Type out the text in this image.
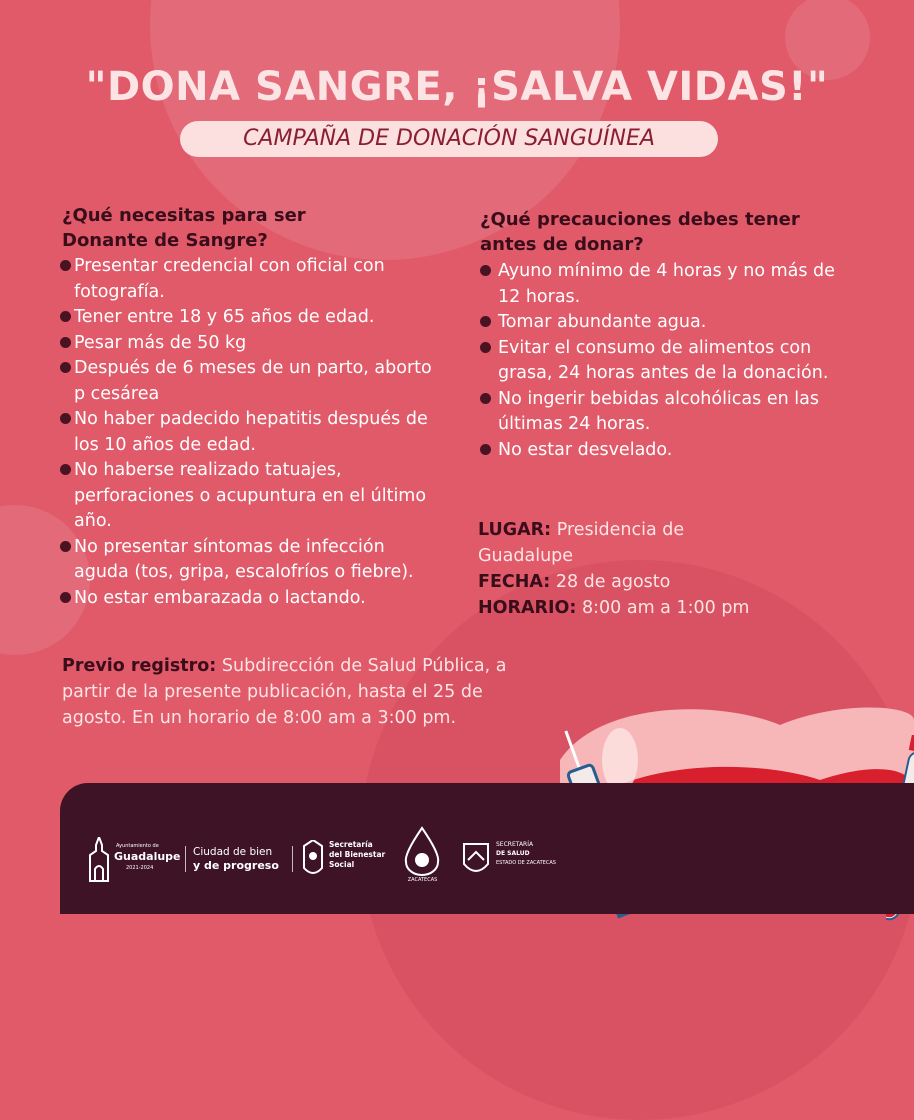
"DONA SANGRE, ¡SALVA VIDAS!"
CAMPAÑA DE DONACIÓN SANGUÍNEA
¿Qué necesitas para ser
Donante de Sangre?
Presentar credencial con oficial con fotografía.
Tener entre 18 y 65 años de edad.
Pesar más de 50 kg
Después de 6 meses de un parto, aborto p cesárea
No haber padecido hepatitis después de los 10 años de edad.
No haberse realizado tatuajes, perforaciones o acupuntura en el último año.
No presentar síntomas de infección aguda (tos, gripa, escalofríos o fiebre).
No estar embarazada o lactando.
¿Qué precauciones debes tener
antes de donar?
Ayuno mínimo de 4 horas y no más de 12 horas.
Tomar abundante agua.
Evitar el consumo de alimentos con grasa, 24 horas antes de la donación.
No ingerir bebidas alcohólicas en las últimas 24 horas.
No estar desvelado.
LUGAR: Presidencia de Guadalupe
FECHA: 28 de agosto
HORARIO: 8:00 am a 1:00 pm
Previo registro: Subdirección de Salud Pública, a partir de la presente publicación, hasta el 25 de agosto. En un horario de 8:00 am a 3:00 pm.
Ayuntamiento de
Guadalupe
2021-2024
Ciudad de bien
y de progreso
Secretaría
del Bienestar
Social
ZACATECAS
SECRETARÍA
DE SALUD
ESTADO DE ZACATECAS
